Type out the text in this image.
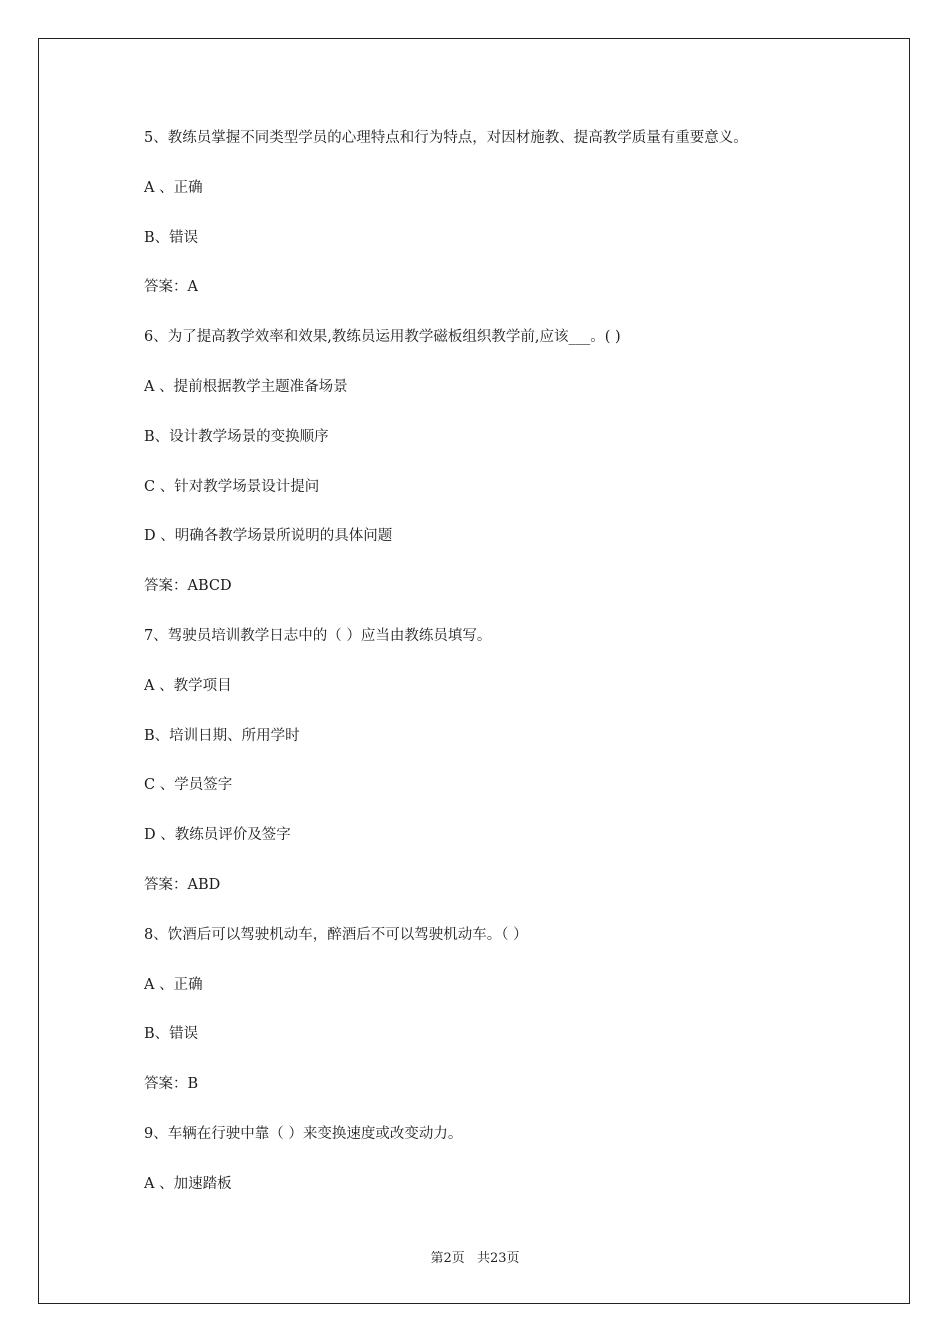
5、教练员掌握不同类型学员的心理特点和行为特点，对因材施教、提高教学质量有重要意义。
A 、正确
B、错误
答案：A
6、为了提高教学效率和效果,教练员运用教学磁板组织教学前,应该___。( )
A 、提前根据教学主题准备场景
B、设计教学场景的变换顺序
C 、针对教学场景设计提问
D 、明确各教学场景所说明的具体问题
答案：ABCD
7、驾驶员培训教学日志中的（ ）应当由教练员填写。
A 、教学项目
B、培训日期、所用学时
C 、学员签字
D 、教练员评价及签字
答案：ABD
8、饮酒后可以驾驶机动车，醉酒后不可以驾驶机动车。（ ）
A 、正确
B、错误
答案：B
9、车辆在行驶中靠（ ）来变换速度或改变动力。
A 、加速踏板
第2页 共23页
